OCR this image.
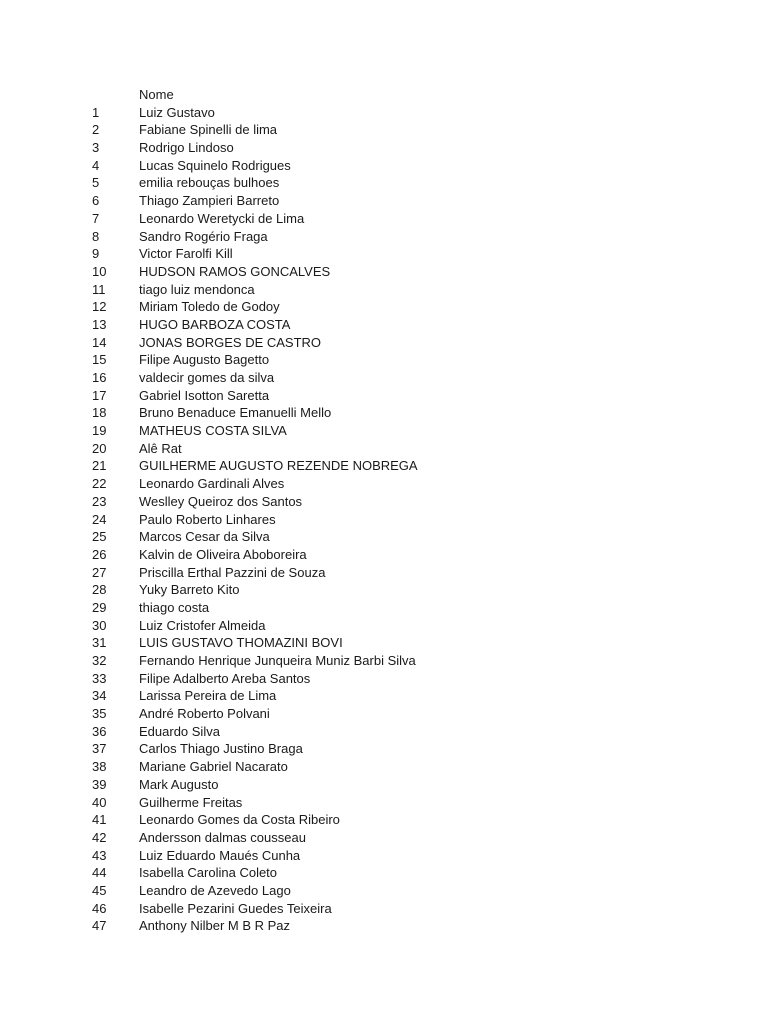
Nome
1	Luiz Gustavo
2	Fabiane Spinelli de lima
3	Rodrigo Lindoso
4	Lucas Squinelo Rodrigues
5	emilia rebouças bulhoes
6	Thiago Zampieri Barreto
7	Leonardo Weretycki de Lima
8	Sandro Rogério Fraga
9	Victor Farolfi Kill
10	HUDSON RAMOS GONCALVES
11	tiago luiz mendonca
12	Miriam Toledo de Godoy
13	HUGO BARBOZA COSTA
14	JONAS BORGES DE CASTRO
15	Filipe Augusto Bagetto
16	valdecir gomes da silva
17	Gabriel Isotton Saretta
18	Bruno Benaduce Emanuelli Mello
19	MATHEUS COSTA SILVA
20	Alê Rat
21	GUILHERME AUGUSTO REZENDE NOBREGA
22	Leonardo Gardinali Alves
23	Weslley Queiroz dos Santos
24	Paulo Roberto Linhares
25	Marcos Cesar da Silva
26	Kalvin de Oliveira Aboboreira
27	Priscilla Erthal Pazzini de Souza
28	Yuky Barreto Kito
29	thiago costa
30	Luiz Cristofer Almeida
31	LUIS GUSTAVO THOMAZINI BOVI
32	Fernando Henrique Junqueira Muniz Barbi Silva
33	Filipe Adalberto Areba Santos
34	Larissa Pereira de Lima
35	André Roberto Polvani
36	Eduardo Silva
37	Carlos Thiago Justino Braga
38	Mariane Gabriel Nacarato
39	Mark Augusto
40	Guilherme Freitas
41	Leonardo Gomes da Costa Ribeiro
42	Andersson dalmas cousseau
43	Luiz Eduardo Maués Cunha
44	Isabella Carolina Coleto
45	Leandro de Azevedo Lago
46	Isabelle Pezarini Guedes Teixeira
47	Anthony Nilber M B R Paz
